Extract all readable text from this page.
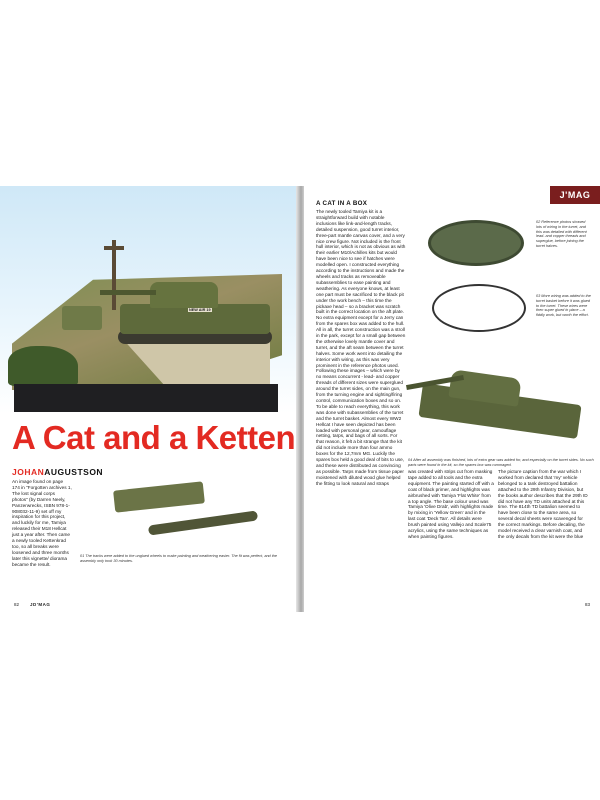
NEW AIR 19
A Cat and a Ketten

JOHANAUGUSTSON

An image found on page 174 in "Forgotten archives 1, The lost signal corps photos" (by Darren Neely, Panzerwrecks, ISBN 978-1-908032-11-9) set off my inspiration for this project, and luckily for me, Tamiya released their M18 Hellcat just a year after. Then came a newly tooled Kettenkrad too, so all breaks were loosened and three months later this vignette/ diorama became the result.

01 The tracks were added to the unglued wheels to make painting and weathering easier. The fit was perfect, and the assembly only took 30 minutes.

82 JD'MAG

J'MAG
A CAT IN A BOX

The newly tooled Tamiya kit is a straightforward build with notable inclusions like link-and-length tracks, detailed suspension, good turret interior, three-part mantle canvas cover, and a very nice crew figure. Not included is the front hull interior, which is not as obvious as with their earlier M10/Achilles kits but would have been nice to see if hatches were modelled open. I constructed everything according to the instructions and made the wheels and tracks as removeable subassemblies to ease painting and weathering. As everyone knows, at least one part must be sacrificed to the black pit under the work bench – this time the pickaxe head – so a bracket was scratch built in the correct location on the aft plate. No extra equipment except for a Jerry can from the spares box was added to the hull. All in all, the turret construction was a stroll in the park, except for a small gap between the otherwise lovely mantle cover and turret, and the aft seam between the turret halves. Some work went into detailing the interior with wiring, as this was very prominent in the reference photos used. Following these images – which were by no means concurrent - lead- and copper threads of different sizes were superglued around the turret sides, on the main gun, from the turning engine and sighting/firing control, communication boxes and so on. To be able to reach everything, this work was done with subassemblies of the turret and the turret basket. Almost every WW2 Hellcat I have seen depicted has been loaded with personal gear, camouflage netting, tarps, and bags of all sorts. For that reason, it felt a bit strange that the kit did not include more than four ammo boxes for the 12,7mm MG. Luckily the spares box held a good deal of bits to use, and these were distributed as convincing as possible. Tarps made from tissue paper moistened with diluted wood glue helped the fitting to look natural and straps

02 Reference photos showed lots of wiring in the turret, and this was detailed with different lead- and copper threads and superglue, before joining the turret halves.

03 More wiring was added to the turret basket before it was glued to the turret. These wires were then super glued in place – a fiddly work, but worth the effort.

04 After all assembly was finished, lots of extra gear was added for, and especially on the turret sides. No such parts were found in the kit, so the spares box was rummaged.

was created with strips cut from masking tape added to all tools and the extra equipment. The painting started off with a coat of black primer, and highlights was airbrushed with Tamiya 'Flat White' from a top angle. The base colour used was Tamiya 'Olive Drab', with highlights made by mixing in 'Yellow Green' and in the last coat 'Deck Tan'. All details were brush painted using Vallejo and Scale75 acrylics, using the same techniques as when painting figures.

The picture caption from the war which I worked from declared that 'my' vehicle belonged to a tank destroyed battalion attached to the 29th Infantry Division, but the books author describes that the 29th ID did not have any TD units attached at this time. The 814th TD battalion seemed to have been close to the same area, so several decal sheets were scavenged for the correct markings. Before decaling, the model received a clear varnish coat, and the only decals from the kit were the blue

83
